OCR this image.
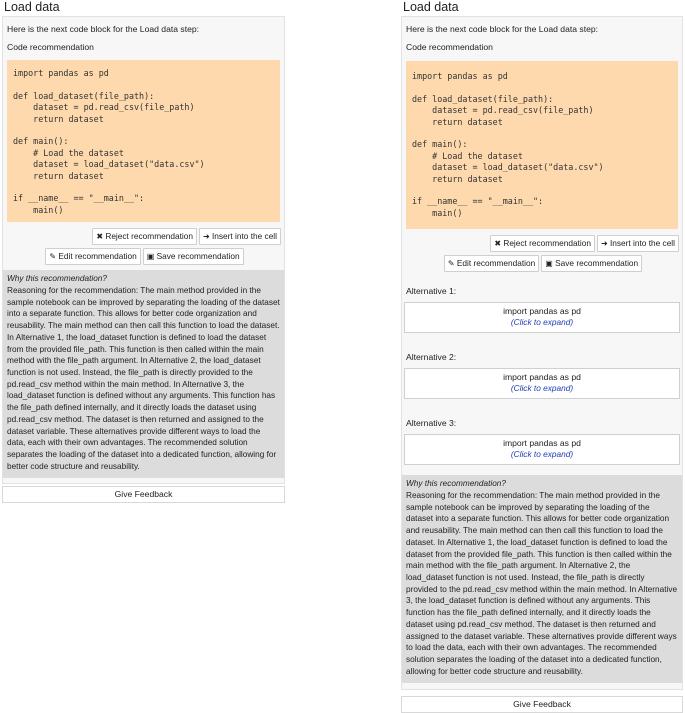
Load data
Here is the next code block for the Load data step:
Code recommendation
import pandas as pd

def load_dataset(file_path):
dataset = pd.read_csv(file_path)
return dataset

def main():
# Load the dataset
dataset = load_dataset("data.csv")
return dataset

if __name__ == "__main__":
main()
✖ Reject recommendation ➜ Insert into the cell
✎ Edit recommendation ▣ Save recommendation
Why this recommendation?
Reasoning for the recommendation: The main method provided in the sample notebook can be improved by separating the loading of the dataset into a separate function. This allows for better code organization and reusability. The main method can then call this function to load the dataset. In Alternative 1, the load_dataset function is defined to load the dataset from the provided file_path. This function is then called within the main method with the file_path argument. In Alternative 2, the load_dataset function is not used. Instead, the file_path is directly provided to the pd.read_csv method within the main method. In Alternative 3, the load_dataset function is defined without any arguments. This function has the file_path defined internally, and it directly loads the dataset using pd.read_csv method. The dataset is then returned and assigned to the dataset variable. These alternatives provide different ways to load the data, each with their own advantages. The recommended solution separates the loading of the dataset into a dedicated function, allowing for better code structure and reusability.
Give Feedback
Load data
Here is the next code block for the Load data step:
Code recommendation
import pandas as pd

def load_dataset(file_path):
dataset = pd.read_csv(file_path)
return dataset

def main():
# Load the dataset
dataset = load_dataset("data.csv")
return dataset

if __name__ == "__main__":
main()
✖ Reject recommendation ➜ Insert into the cell
✎ Edit recommendation ▣ Save recommendation
Alternative 1:
import pandas as pd
(Click to expand)
Alternative 2:
import pandas as pd
(Click to expand)
Alternative 3:
import pandas as pd
(Click to expand)
Why this recommendation?
Reasoning for the recommendation: The main method provided in the sample notebook can be improved by separating the loading of the dataset into a separate function. This allows for better code organization and reusability. The main method can then call this function to load the dataset. In Alternative 1, the load_dataset function is defined to load the dataset from the provided file_path. This function is then called within the main method with the file_path argument. In Alternative 2, the load_dataset function is not used. Instead, the file_path is directly provided to the pd.read_csv method within the main method. In Alternative 3, the load_dataset function is defined without any arguments. This function has the file_path defined internally, and it directly loads the dataset using pd.read_csv method. The dataset is then returned and assigned to the dataset variable. These alternatives provide different ways to load the data, each with their own advantages. The recommended solution separates the loading of the dataset into a dedicated function, allowing for better code structure and reusability.
Give Feedback
